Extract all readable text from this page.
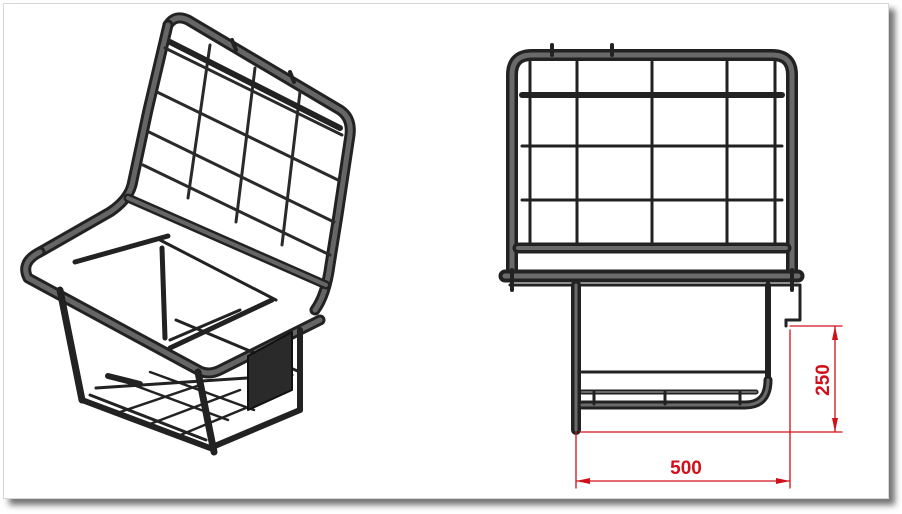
500
250
